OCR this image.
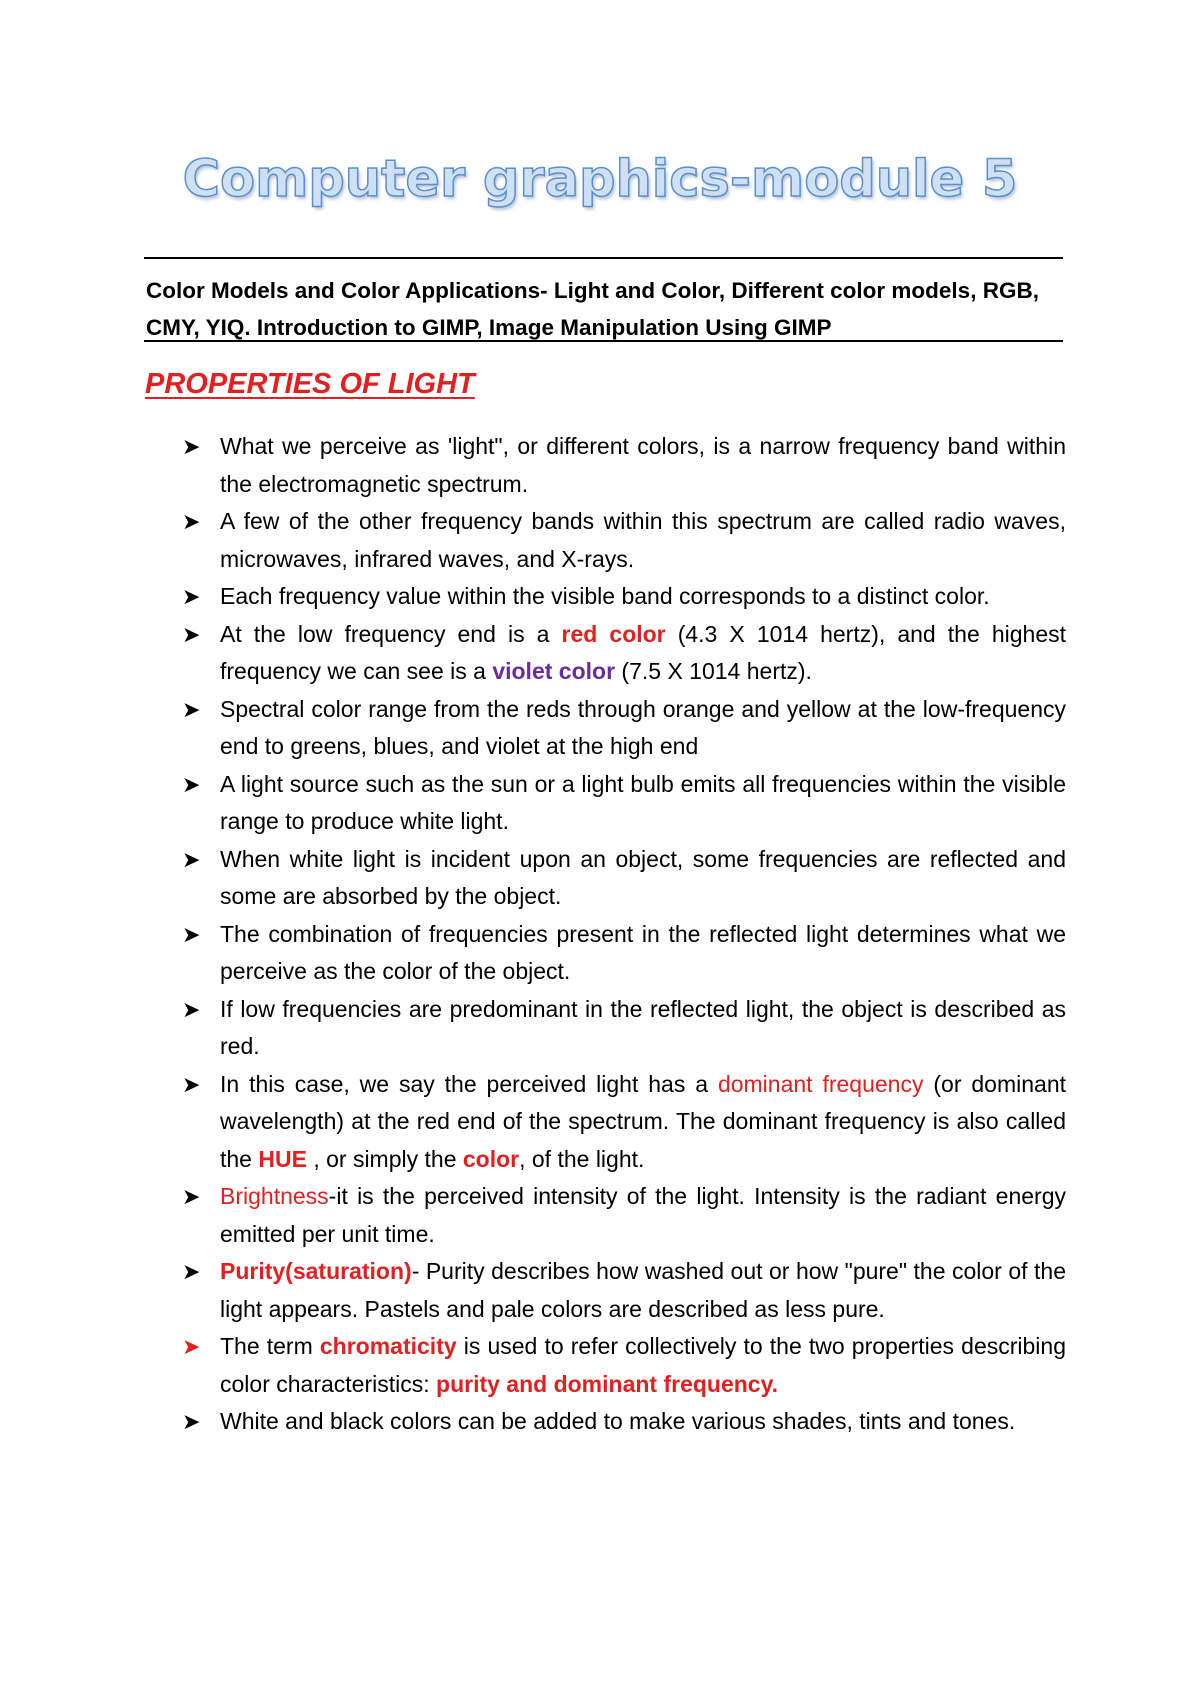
Computer graphics-module 5
Color Models and Color Applications- Light and Color, Different color models, RGB, CMY, YIQ. Introduction to GIMP, Image Manipulation Using GIMP
PROPERTIES OF LIGHT
➤ What we perceive as 'light", or different colors, is a narrow frequency band within the electromagnetic spectrum.
➤ A few of the other frequency bands within this spectrum are called radio waves, microwaves, infrared waves, and X-rays.
➤ Each frequency value within the visible band corresponds to a distinct color.
➤ At the low frequency end is a red color (4.3 X 1014 hertz), and the highest frequency we can see is a violet color (7.5 X 1014 hertz).
➤ Spectral color range from the reds through orange and yellow at the low-frequency end to greens, blues, and violet at the high end
➤ A light source such as the sun or a light bulb emits all frequencies within the visible range to produce white light.
➤ When white light is incident upon an object, some frequencies are reflected and some are absorbed by the object.
➤ The combination of frequencies present in the reflected light determines what we perceive as the color of the object.
➤ If low frequencies are predominant in the reflected light, the object is described as red.
➤ In this case, we say the perceived light has a dominant frequency (or dominant wavelength) at the red end of the spectrum. The dominant frequency is also called the HUE , or simply the color, of the light.
➤ Brightness-it is the perceived intensity of the light. Intensity is the radiant energy emitted per unit time.
➤ Purity(saturation)- Purity describes how washed out or how "pure" the color of the light appears. Pastels and pale colors are described as less pure.
➤ The term chromaticity is used to refer collectively to the two properties describing color characteristics: purity and dominant frequency.
➤ White and black colors can be added to make various shades, tints and tones.
